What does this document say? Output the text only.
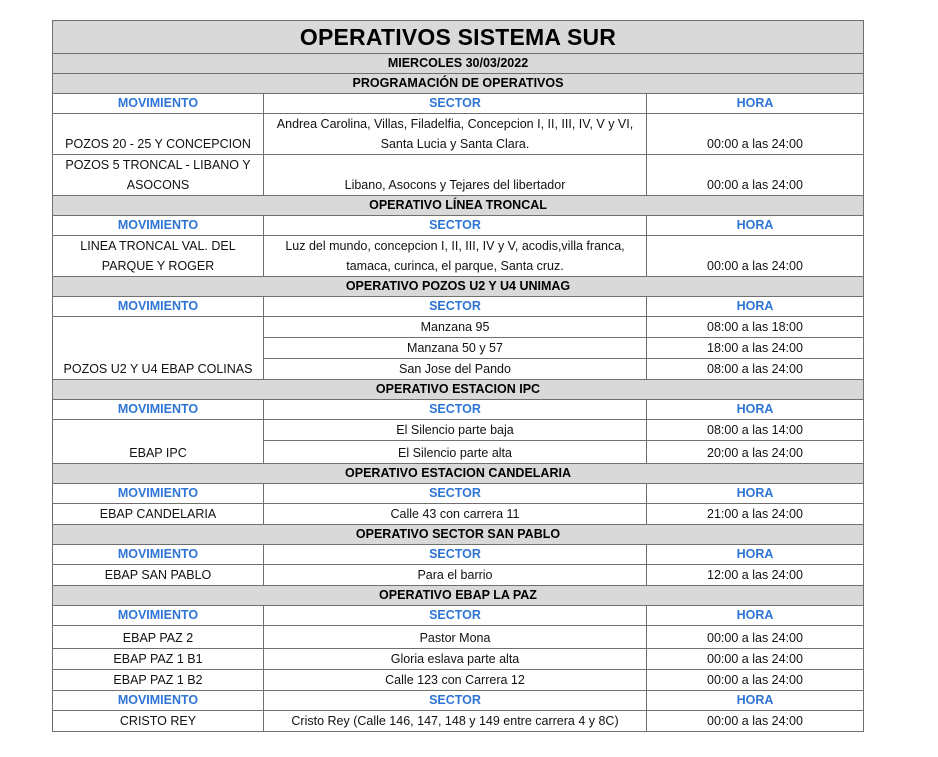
OPERATIVOS SISTEMA SUR		
MIERCOLES 30/03/2022		
PROGRAMACIÓN DE OPERATIVOS		
MOVIMIENTO	SECTOR	HORA
POZOS 20 - 25 Y CONCEPCION	Andrea Carolina, Villas, Filadelfia, Concepcion I, II, III, IV, V y VI, Santa Lucia y Santa Clara.	00:00 a las 24:00
POZOS 5 TRONCAL - LIBANO Y ASOCONS	Libano, Asocons y Tejares del libertador	00:00 a las 24:00
OPERATIVO LÍNEA TRONCAL		
MOVIMIENTO	SECTOR	HORA
LINEA TRONCAL VAL. DEL PARQUE Y ROGER	Luz del mundo, concepcion I, II, III, IV y V, acodis,villa franca, tamaca, curinca, el parque, Santa cruz.	00:00 a las 24:00
OPERATIVO POZOS U2 Y U4 UNIMAG		
MOVIMIENTO	SECTOR	HORA
POZOS U2 Y U4 EBAP COLINAS	Manzana 95	08:00 a las 18:00
	Manzana 50 y 57	18:00 a las 24:00
	San Jose del Pando	08:00 a las 24:00
OPERATIVO ESTACION IPC		
MOVIMIENTO	SECTOR	HORA
EBAP IPC	El Silencio parte baja	08:00 a las 14:00
	El Silencio parte alta	20:00 a las 24:00
OPERATIVO ESTACION CANDELARIA		
MOVIMIENTO	SECTOR	HORA
EBAP CANDELARIA	Calle 43 con carrera 11	21:00 a las 24:00
OPERATIVO SECTOR SAN PABLO		
MOVIMIENTO	SECTOR	HORA
EBAP SAN PABLO	Para el barrio	12:00 a las 24:00
OPERATIVO EBAP LA PAZ		
MOVIMIENTO	SECTOR	HORA
EBAP PAZ 2	Pastor Mona	00:00 a las 24:00
EBAP PAZ 1 B1	Gloria eslava parte alta	00:00 a las 24:00
EBAP PAZ 1 B2	Calle 123 con Carrera 12	00:00 a las 24:00
MOVIMIENTO	SECTOR	HORA
CRISTO REY	Cristo Rey (Calle 146, 147, 148 y 149 entre carrera 4 y 8C)	00:00 a las 24:00
